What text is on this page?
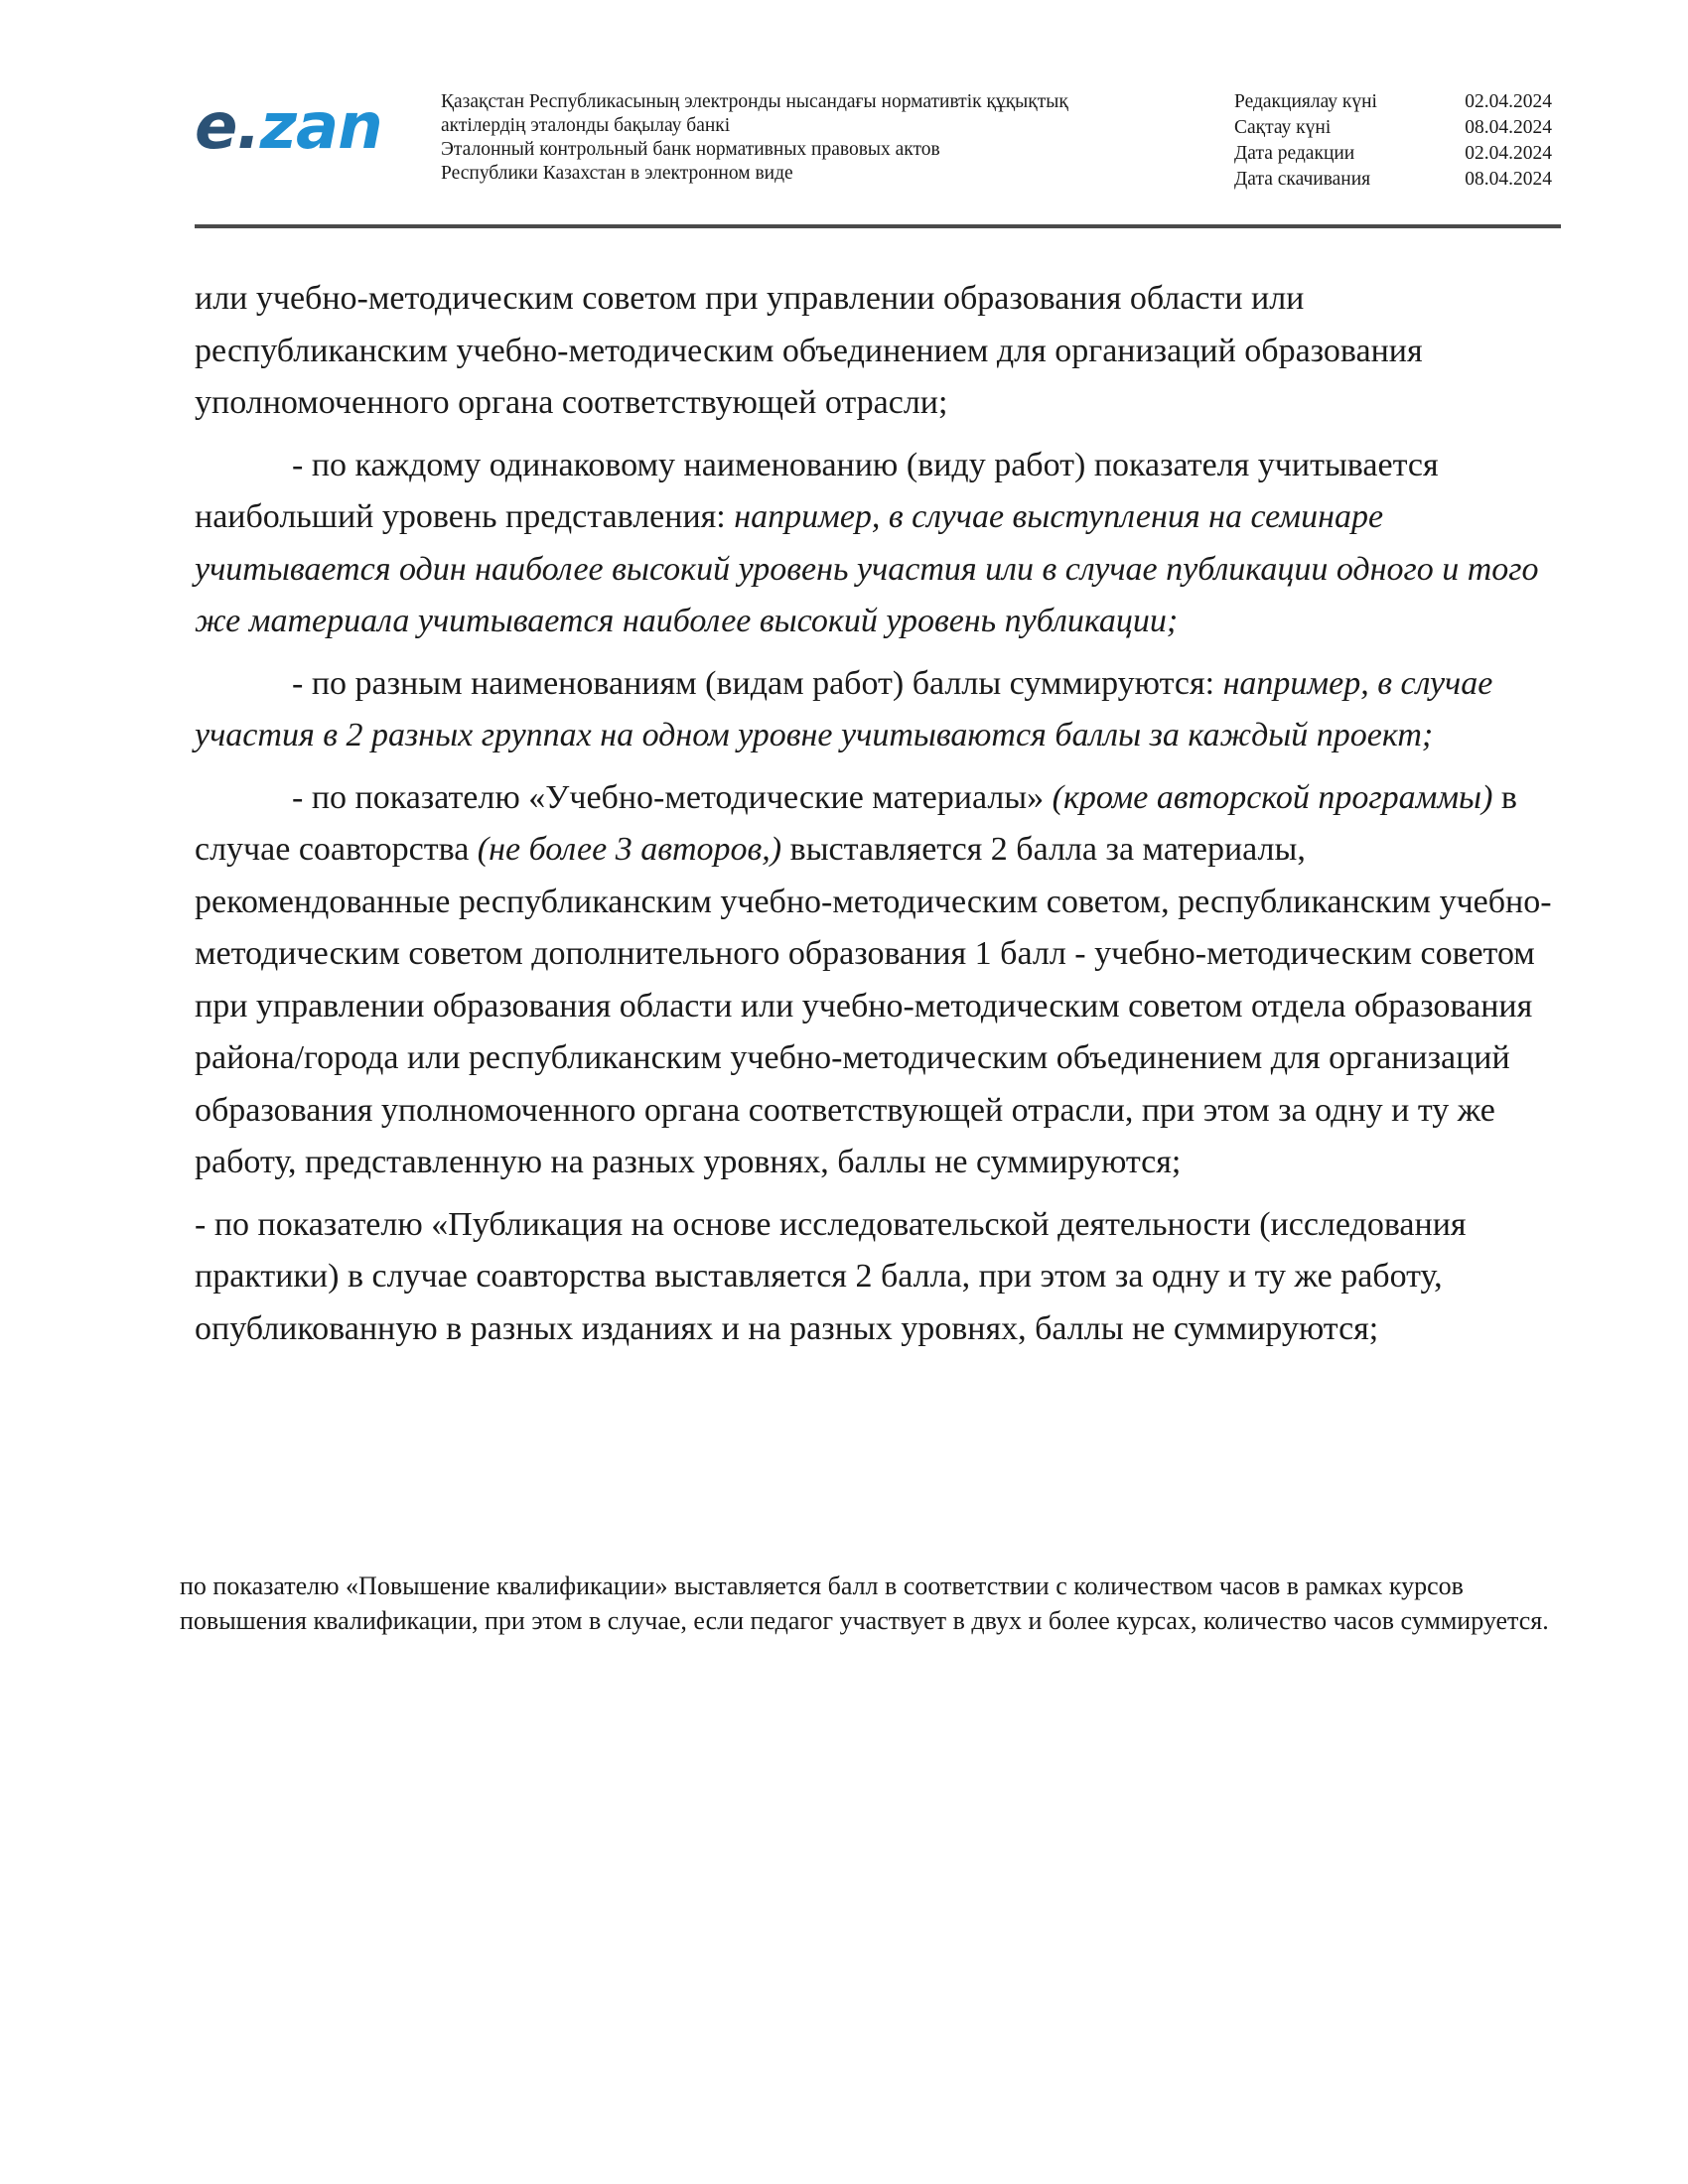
e.zan	Қазақстан Республикасының электронды нысандағы нормативтік құқықтық
актілердің эталонды бақылау банкі
Эталонный контрольный банк нормативных правовых актов
Республики Казахстан в электронном виде
Редакциялау күні	02.04.2024
Сақтау күні	08.04.2024
Дата редакции	02.04.2024
Дата скачивания	08.04.2024

или учебно-методическим советом при управлении образования области или республиканским учебно-методическим объединением для организаций образования уполномоченного органа соответствующей отрасли;

- по каждому одинаковому наименованию (виду работ) показателя учитывается наибольший уровень представления: например, в случае выступления на семинаре учитывается один наиболее высокий уровень участия или в случае публикации одного и того же материала учитывается наиболее высокий уровень публикации;

- по разным наименованиям (видам работ) баллы суммируются: например, в случае участия в 2 разных группах на одном уровне учитываются баллы за каждый проект;

- по показателю «Учебно-методические материалы» (кроме авторской программы) в случае соавторства (не более 3 авторов,) выставляется 2 балла за материалы, рекомендованные республиканским учебно-методическим советом, республиканским учебно-методическим советом дополнительного образования 1 балл - учебно-методическим советом при управлении образования области или учебно-методическим советом отдела образования района/города или республиканским учебно-методическим объединением для организаций образования уполномоченного органа соответствующей отрасли, при этом за одну и ту же работу, представленную на разных уровнях, баллы не суммируются;

- по показателю «Публикация на основе исследовательской деятельности (исследования практики) в случае соавторства выставляется 2 балла, при этом за одну и ту же работу, опубликованную в разных изданиях и на разных уровнях, баллы не суммируются;

по показателю «Повышение квалификации» выставляется балл в соответствии с количеством часов в рамках курсов повышения квалификации, при этом в случае, если педагог участвует в двух и более курсах, количество часов суммируется.
